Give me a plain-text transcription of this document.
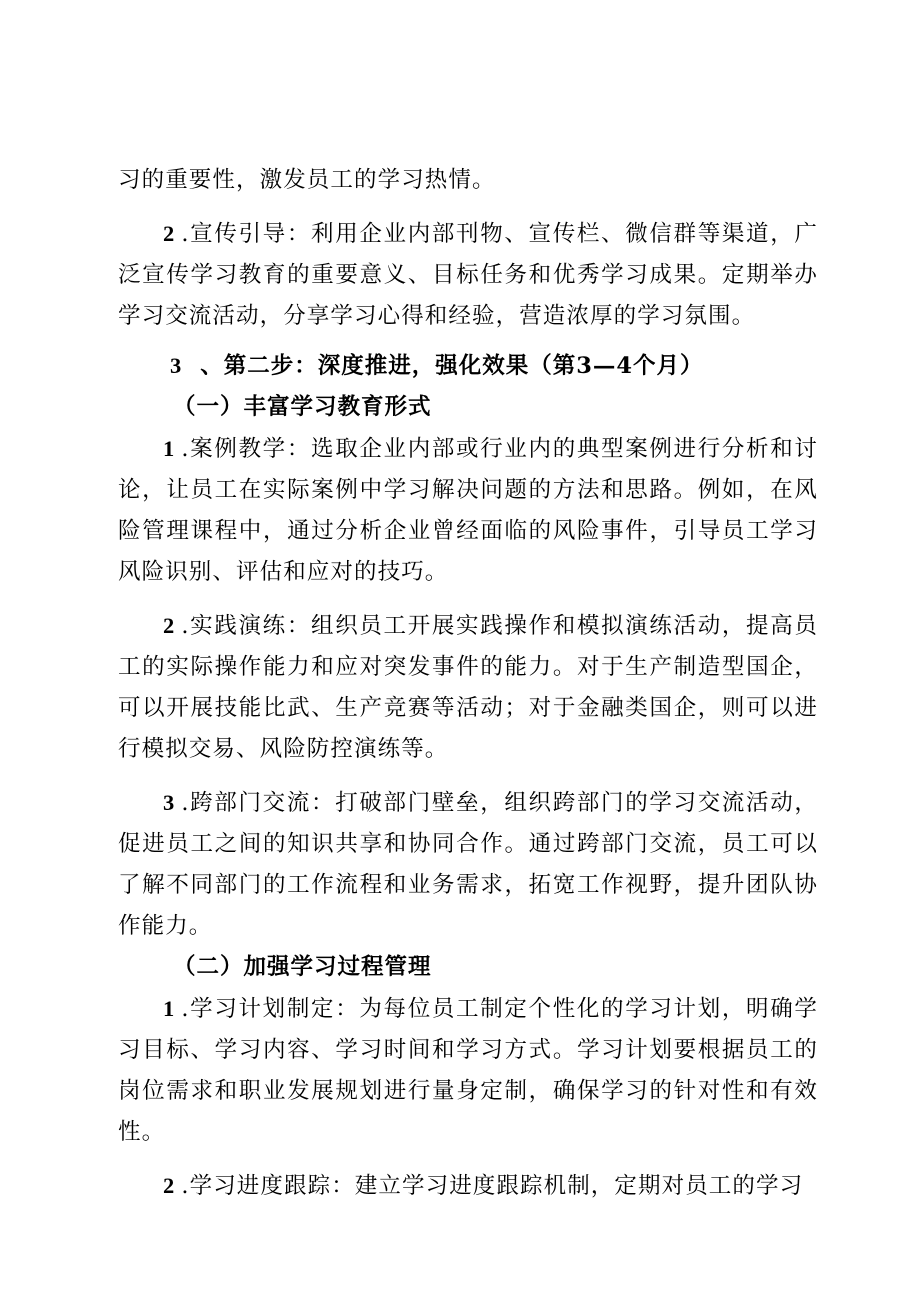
习的重要性，激发员工的学习热情。

2 .宣传引导：利用企业内部刊物、宣传栏、微信群等渠道，广泛宣传学习教育的重要意义、目标任务和优秀学习成果。定期举办学习交流活动，分享学习心得和经验，营造浓厚的学习氛围。

3 、第二步：深度推进，强化效果（第3—4个月）

（一）丰富学习教育形式

1 .案例教学：选取企业内部或行业内的典型案例进行分析和讨论，让员工在实际案例中学习解决问题的方法和思路。例如，在风险管理课程中，通过分析企业曾经面临的风险事件，引导员工学习风险识别、评估和应对的技巧。

2 .实践演练：组织员工开展实践操作和模拟演练活动，提高员工的实际操作能力和应对突发事件的能力。对于生产制造型国企，可以开展技能比武、生产竞赛等活动；对于金融类国企，则可以进行模拟交易、风险防控演练等。

3 .跨部门交流：打破部门壁垒，组织跨部门的学习交流活动，促进员工之间的知识共享和协同合作。通过跨部门交流，员工可以了解不同部门的工作流程和业务需求，拓宽工作视野，提升团队协作能力。

（二）加强学习过程管理

1 .学习计划制定：为每位员工制定个性化的学习计划，明确学习目标、学习内容、学习时间和学习方式。学习计划要根据员工的岗位需求和职业发展规划进行量身定制，确保学习的针对性和有效性。

2 .学习进度跟踪：建立学习进度跟踪机制，定期对员工的学习
